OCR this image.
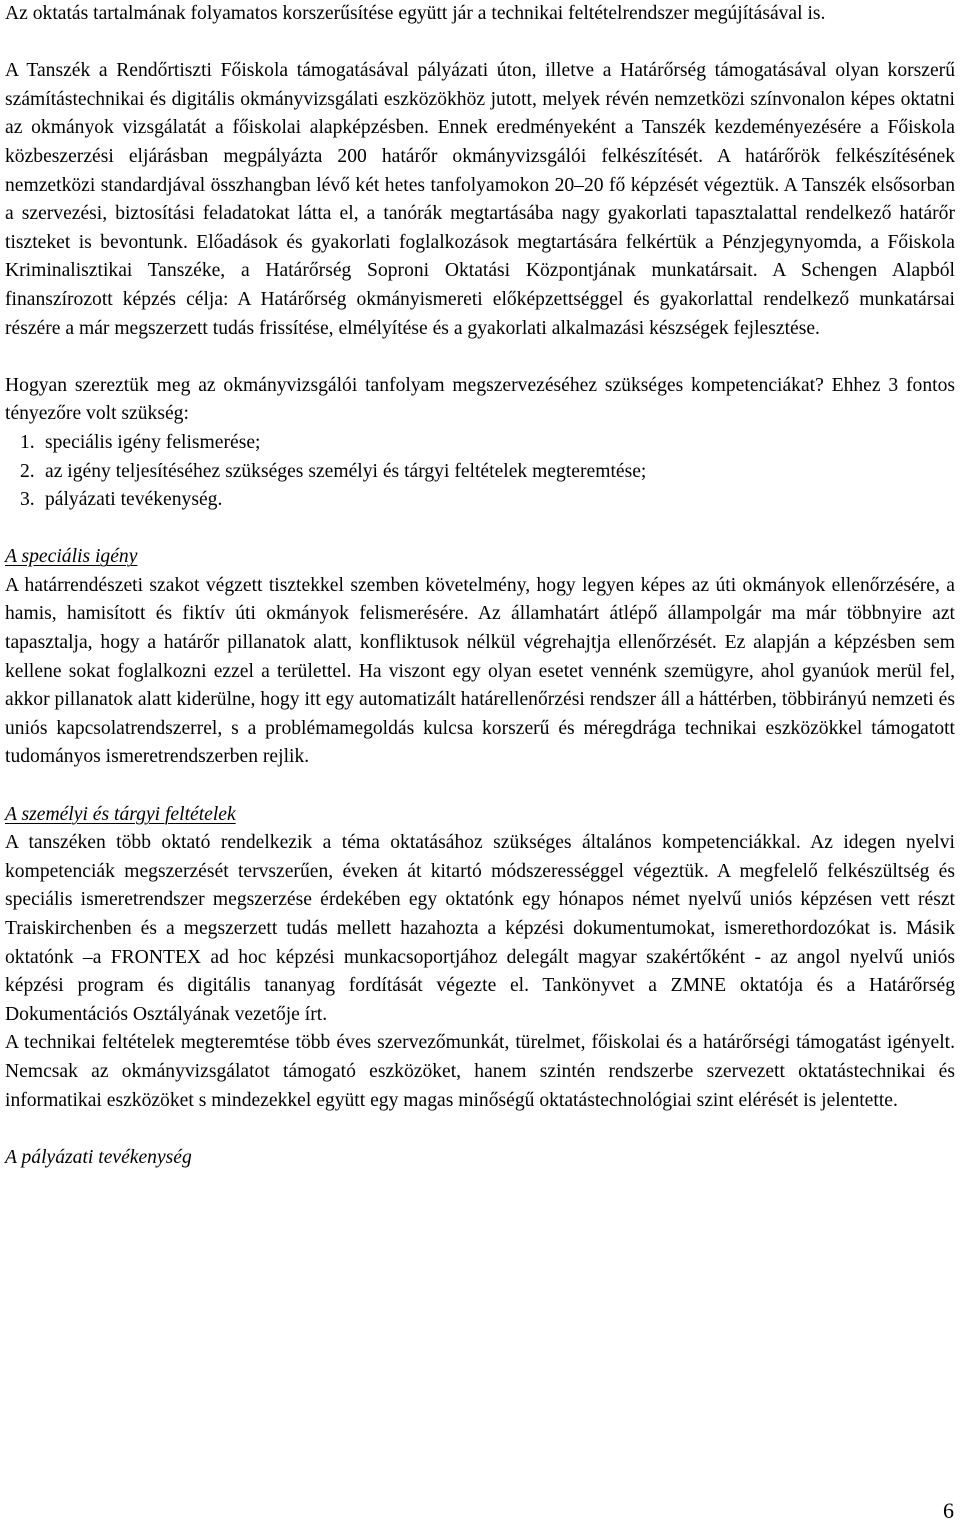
Az oktatás tartalmának folyamatos korszerűsítése együtt jár a technikai feltételrendszer megújításával is.

A Tanszék a Rendőrtiszti Főiskola támogatásával pályázati úton, illetve a Határőrség támogatásával olyan korszerű számítástechnikai és digitális okmányvizsgálati eszközökhöz jutott, melyek révén nemzetközi színvonalon képes oktatni az okmányok vizsgálatát a főiskolai alapképzésben. Ennek eredményeként a Tanszék kezdeményezésére a Főiskola közbeszerzési eljárásban megpályázta 200 határőr okmányvizsgálói felkészítését. A határőrök felkészítésének nemzetközi standardjával összhangban lévő két hetes tanfolyamokon 20‒20 fő képzését végeztük. A Tanszék elsősorban a szervezési, biztosítási feladatokat látta el, a tanórák megtartásába nagy gyakorlati tapasztalattal rendelkező határőr tiszteket is bevontunk. Előadások és gyakorlati foglalkozások megtartására felkértük a Pénzjegynyomda, a Főiskola Kriminalisztikai Tanszéke, a Határőrség Soproni Oktatási Központjának munkatársait. A Schengen Alapból finanszírozott képzés célja: A Határőrség okmányismereti előképzettséggel és gyakorlattal rendelkező munkatársai részére a már megszerzett tudás frissítése, elmélyítése és a gyakorlati alkalmazási készségek fejlesztése.

Hogyan szereztük meg az okmányvizsgálói tanfolyam megszervezéséhez szükséges kompetenciákat? Ehhez 3 fontos tényezőre volt szükség:

1. speciális igény felismerése;
2. az igény teljesítéséhez szükséges személyi és tárgyi feltételek megteremtése;
3. pályázati tevékenység.

A speciális igény

A határrendészeti szakot végzett tisztekkel szemben követelmény, hogy legyen képes az úti okmányok ellenőrzésére, a hamis, hamisított és fiktív úti okmányok felismerésére. Az államhatárt átlépő állampolgár ma már többnyire azt tapasztalja, hogy a határőr pillanatok alatt, konfliktusok nélkül végrehajtja ellenőrzését. Ez alapján a képzésben sem kellene sokat foglalkozni ezzel a területtel. Ha viszont egy olyan esetet vennénk szemügyre, ahol gyanúok merül fel, akkor pillanatok alatt kiderülne, hogy itt egy automatizált határellenőrzési rendszer áll a háttérben, többirányú nemzeti és uniós kapcsolatrendszerrel, s a problémamegoldás kulcsa korszerű és méregdrága technikai eszközökkel támogatott tudományos ismeretrendszerben rejlik.

A személyi és tárgyi feltételek

A tanszéken több oktató rendelkezik a téma oktatásához szükséges általános kompetenciákkal. Az idegen nyelvi kompetenciák megszerzését tervszerűen, éveken át kitartó módszerességgel végeztük. A megfelelő felkészültség és speciális ismeretrendszer megszerzése érdekében egy oktatónk egy hónapos német nyelvű uniós képzésen vett részt Traiskirchenben és a megszerzett tudás mellett hazahozta a képzési dokumentumokat, ismerethordozókat is. Másik oktatónk ‒a FRONTEX ad hoc képzési munkacsoportjához delegált magyar szakértőként - az angol nyelvű uniós képzési program és digitális tananyag fordítását végezte el. Tankönyvet a ZMNE oktatója és a Határőrség Dokumentációs Osztályának vezetője írt.

A technikai feltételek megteremtése több éves szervezőmunkát, türelmet, főiskolai és a határőrségi támogatást igényelt. Nemcsak az okmányvizsgálatot támogató eszközöket, hanem szintén rendszerbe szervezett oktatástechnikai és informatikai eszközöket s mindezekkel együtt egy magas minőségű oktatástechnológiai szint elérését is jelentette.

A pályázati tevékenység

6
